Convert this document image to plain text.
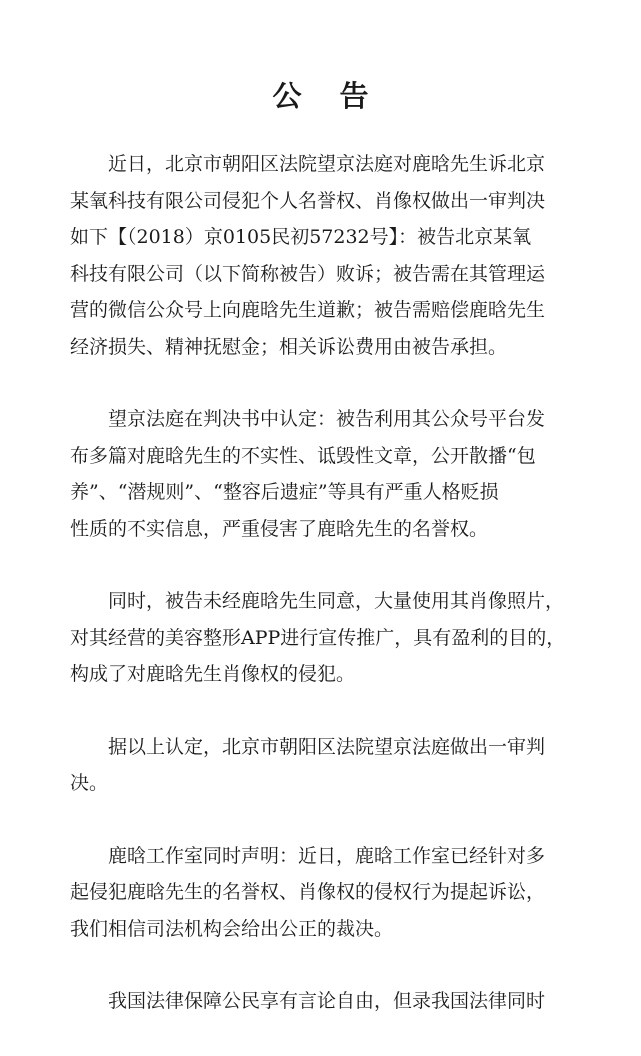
公 告

近日，北京市朝阳区法院望京法庭对鹿晗先生诉北京
某氧科技有限公司侵犯个人名誉权、肖像权做出一审判决
如下【（2018）京0105民初57232号】：被告北京某氧
科技有限公司（以下简称被告）败诉；被告需在其管理运
营的微信公众号上向鹿晗先生道歉；被告需赔偿鹿晗先生
经济损失、精神抚慰金；相关诉讼费用由被告承担。

望京法庭在判决书中认定：被告利用其公众号平台发
布多篇对鹿晗先生的不实性、诋毁性文章，公开散播“包
养”、“潜规则”、“整容后遗症”等具有严重人格贬损
性质的不实信息，严重侵害了鹿晗先生的名誉权。

同时，被告未经鹿晗先生同意，大量使用其肖像照片，
对其经营的美容整形APP进行宣传推广，具有盈利的目的，
构成了对鹿晗先生肖像权的侵犯。

据以上认定，北京市朝阳区法院望京法庭做出一审判
决。

鹿晗工作室同时声明：近日，鹿晗工作室已经针对多
起侵犯鹿晗先生的名誉权、肖像权的侵权行为提起诉讼，
我们相信司法机构会给出公正的裁决。

我国法律保障公民享有言论自由，但录我国法律同时
